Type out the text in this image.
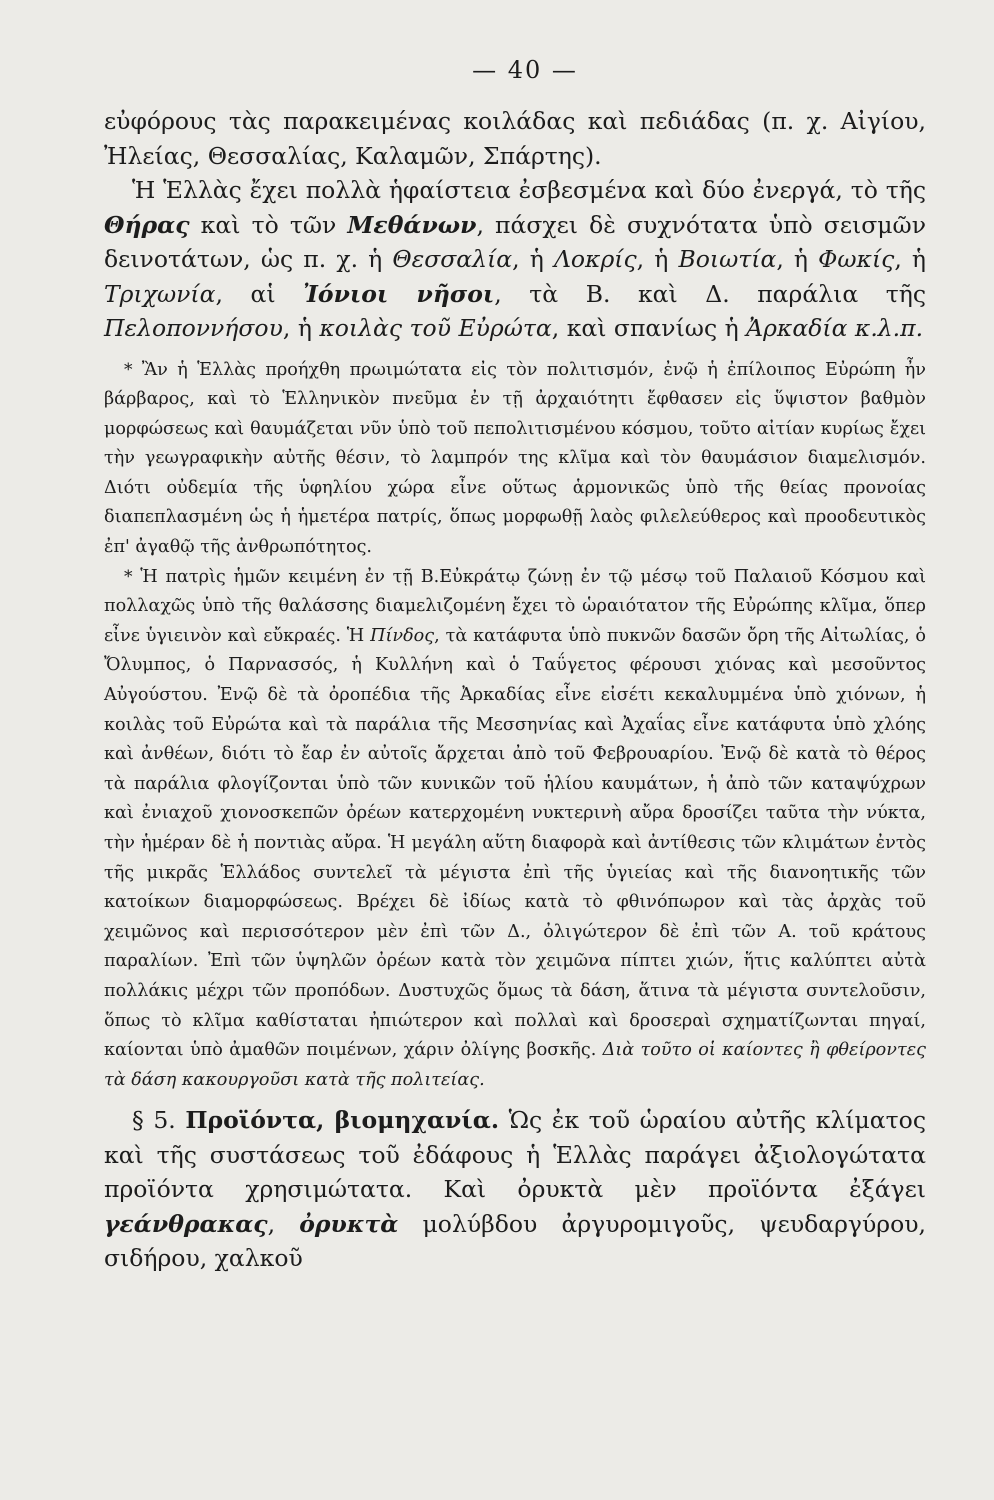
— 40 —

εὐφόρους τὰς παρακειμένας κοιλάδας καὶ πεδιάδας (π. χ. Αἰγίου, Ἠλείας, Θεσσαλίας, Καλαμῶν, Σπάρτης).

Ἡ Ἑλλὰς ἔχει πολλὰ ἡφαίστεια ἐσβεσμένα καὶ δύο ἐνεργά, τὸ τῆς Θήρας καὶ τὸ τῶν Μεθάνων, πάσχει δὲ συχνότατα ὑπὸ σεισμῶν δεινοτάτων, ὡς π. χ. ἡ Θεσσαλία, ἡ Λοκρίς, ἡ Βοιωτία, ἡ Φωκίς, ἡ Τριχωνία, αἱ Ἰόνιοι νῆσοι, τὰ Β. καὶ Δ. παράλια τῆς Πελοποννήσου, ἡ κοιλὰς τοῦ Εὐρώτα, καὶ σπανίως ἡ Ἀρκαδία κ.λ.π.

* Ἂν ἡ Ἑλλὰς προήχθη πρωιμώτατα εἰς τὸν πολιτισμόν, ἐνῷ ἡ ἐπίλοιπος Εὐρώπη ἦν βάρβαρος, καὶ τὸ Ἑλληνικὸν πνεῦμα ἐν τῇ ἀρχαιότητι ἔφθασεν εἰς ὕψιστον βαθμὸν μορφώσεως καὶ θαυμάζεται νῦν ὑπὸ τοῦ πεπολιτισμένου κόσμου, τοῦτο αἰτίαν κυρίως ἔχει τὴν γεωγραφικὴν αὐτῆς θέσιν, τὸ λαμπρόν της κλῖμα καὶ τὸν θαυμάσιον διαμελισμόν. Διότι οὐδεμία τῆς ὑφηλίου χώρα εἶνε οὕτως ἁρμονικῶς ὑπὸ τῆς θείας προνοίας διαπεπλασμένη ὡς ἡ ἡμετέρα πατρίς, ὅπως μορφωθῇ λαὸς φιλελεύθερος καὶ προοδευτικὸς ἐπ' ἀγαθῷ τῆς ἀνθρωπότητος.

* Ἡ πατρὶς ἡμῶν κειμένη ἐν τῇ Β.Εὐκράτῳ ζώνῃ ἐν τῷ μέσῳ τοῦ Παλαιοῦ Κόσμου καὶ πολλαχῶς ὑπὸ τῆς θαλάσσης διαμελιζομένη ἔχει τὸ ὡραιότατον τῆς Εὐρώπης κλῖμα, ὅπερ εἶνε ὑγιεινὸν καὶ εὔκραές. Ἡ Πίνδος, τὰ κατάφυτα ὑπὸ πυκνῶν δασῶν ὄρη τῆς Αἰτωλίας, ὁ Ὄλυμπος, ὁ Παρνασσός, ἡ Κυλλήνη καὶ ὁ Ταΰγετος φέρουσι χιόνας καὶ μεσοῦντος Αὐγούστου. Ἐνῷ δὲ τὰ ὀροπέδια τῆς Ἀρκαδίας εἶνε εἰσέτι κεκαλυμμένα ὑπὸ χιόνων, ἡ κοιλὰς τοῦ Εὐρώτα καὶ τὰ παράλια τῆς Μεσσηνίας καὶ Ἀχαΐας εἶνε κατάφυτα ὑπὸ χλόης καὶ ἀνθέων, διότι τὸ ἔαρ ἐν αὐτοῖς ἄρχεται ἀπὸ τοῦ Φεβρουαρίου. Ἐνῷ δὲ κατὰ τὸ θέρος τὰ παράλια φλογίζονται ὑπὸ τῶν κυνικῶν τοῦ ἡλίου καυμάτων, ἡ ἀπὸ τῶν καταψύχρων καὶ ἐνιαχοῦ χιονοσκεπῶν ὀρέων κατερχομένη νυκτερινὴ αὔρα δροσίζει ταῦτα τὴν νύκτα, τὴν ἡμέραν δὲ ἡ ποντιὰς αὔρα. Ἡ μεγάλη αὕτη διαφορὰ καὶ ἀντίθεσις τῶν κλιμάτων ἐντὸς τῆς μικρᾶς Ἑλλάδος συντελεῖ τὰ μέγιστα ἐπὶ τῆς ὑγιείας καὶ τῆς διανοητικῆς τῶν κατοίκων διαμορφώσεως. Βρέχει δὲ ἰδίως κατὰ τὸ φθινόπωρον καὶ τὰς ἀρχὰς τοῦ χειμῶνος καὶ περισσότερον μὲν ἐπὶ τῶν Δ., ὀλιγώτερον δὲ ἐπὶ τῶν Α. τοῦ κράτους παραλίων. Ἐπὶ τῶν ὑψηλῶν ὀρέων κατὰ τὸν χειμῶνα πίπτει χιών, ἥτις καλύπτει αὐτὰ πολλάκις μέχρι τῶν προπόδων. Δυστυχῶς ὅμως τὰ δάση, ἅτινα τὰ μέγιστα συντελοῦσιν, ὅπως τὸ κλῖμα καθίσταται ἠπιώτερον καὶ πολλαὶ καὶ δροσεραὶ σχηματίζωνται πηγαί, καίονται ὑπὸ ἀμαθῶν ποιμένων, χάριν ὀλίγης βοσκῆς. Διὰ τοῦτο οἱ καίοντες ἢ φθείροντες τὰ δάση κακουργοῦσι κατὰ τῆς πολιτείας.

§ 5. Προϊόντα, βιομηχανία. Ὡς ἐκ τοῦ ὡραίου αὐτῆς κλίματος καὶ τῆς συστάσεως τοῦ ἐδάφους ἡ Ἑλλὰς παράγει ἀξιολογώτατα προϊόντα χρησιμώτατα. Καὶ ὀρυκτὰ μὲν προϊόντα ἐξάγει γεάνθρακας, ὀρυκτὰ μολύβδου ἀργυρομιγοῦς, ψευδαργύρου, σιδήρου, χαλκοῦ
